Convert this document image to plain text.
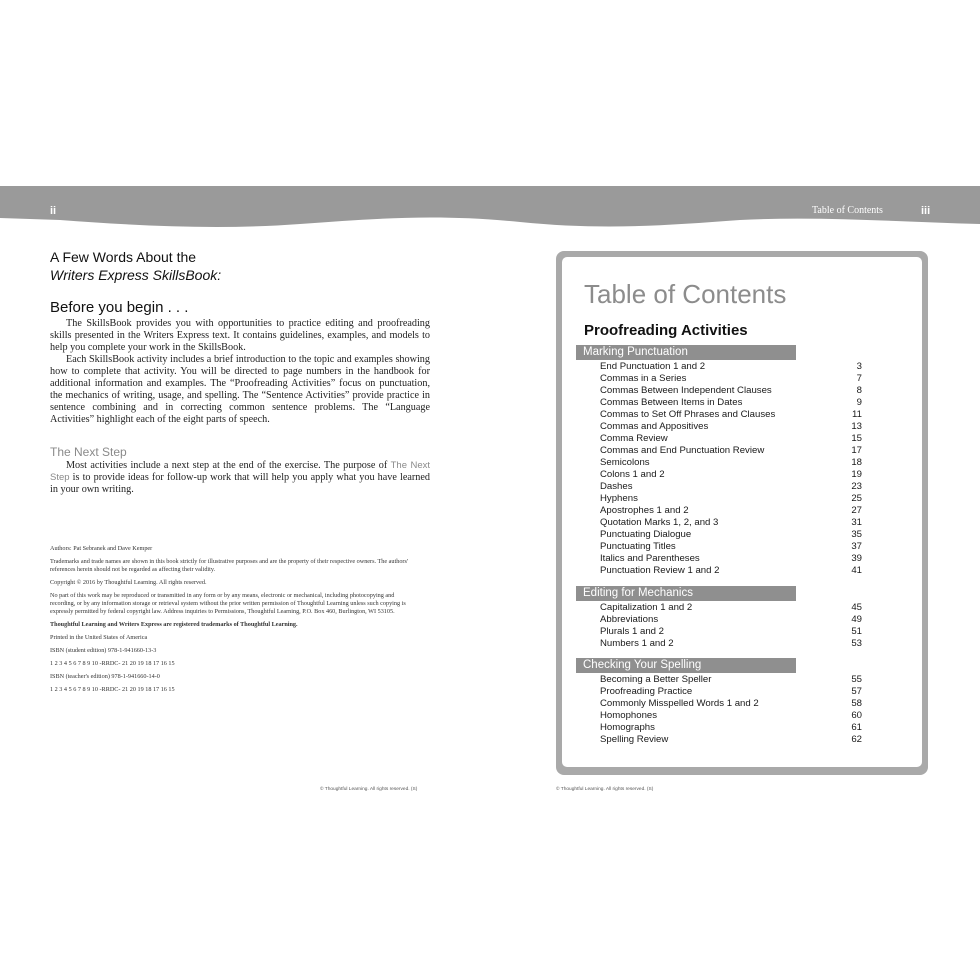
ii	Table of Contents	iii
A Few Words About the
Writers Express SkillsBook:
Before you begin . . .

The SkillsBook provides you with opportunities to practice editing and proofreading skills presented in the Writers Express text. It contains guidelines, examples, and models to help you complete your work in the SkillsBook.

Each SkillsBook activity includes a brief introduction to the topic and examples showing how to complete that activity. You will be directed to page numbers in the handbook for additional information and examples. The “Proofreading Activities” focus on punctuation, the mechanics of writing, usage, and spelling. The “Sentence Activities” provide practice in sentence combining and in correcting common sentence problems. The “Language Activities” highlight each of the eight parts of speech.

The Next Step

Most activities include a next step at the end of the exercise. The purpose of The Next Step is to provide ideas for follow-up work that will help you apply what you have learned in your own writing.

Authors: Pat Sebranek and Dave Kemper
Trademarks and trade names are shown in this book strictly for illustrative purposes and are the property of their respective owners. The authors' references herein should not be regarded as affecting their validity.
Copyright © 2016 by Thoughtful Learning. All rights reserved.
No part of this work may be reproduced or transmitted in any form or by any means, electronic or mechanical, including photocopying and recording, or by any information storage or retrieval system without the prior written permission of Thoughtful Learning unless such copying is expressly permitted by federal copyright law. Address inquiries to Permissions, Thoughtful Learning, P.O. Box 460, Burlington, WI 53105.
Thoughtful Learning and Writers Express are registered trademarks of Thoughtful Learning.
Printed in the United States of America
ISBN (student edition) 978-1-941660-13-3
1 2 3 4 5 6 7 8 9 10 -RRDC- 21 20 19 18 17 16 15
ISBN (teacher's edition) 978-1-941660-14-0
1 2 3 4 5 6 7 8 9 10 -RRDC- 21 20 19 18 17 16 15
© Thoughtful Learning. All rights reserved. (S)
Table of Contents
Proofreading Activities
Marking Punctuation
End Punctuation 1 and 2	3
Commas in a Series	7
Commas Between Independent Clauses	8
Commas Between Items in Dates	9
Commas to Set Off Phrases and Clauses	11
Commas and Appositives	13
Comma Review	15
Commas and End Punctuation Review	17
Semicolons	18
Colons 1 and 2	19
Dashes	23
Hyphens	25
Apostrophes 1 and 2	27
Quotation Marks 1, 2, and 3	31
Punctuating Dialogue	35
Punctuating Titles	37
Italics and Parentheses	39
Punctuation Review 1 and 2	41
Editing for Mechanics
Capitalization 1 and 2	45
Abbreviations	49
Plurals 1 and 2	51
Numbers 1 and 2	53
Checking Your Spelling
Becoming a Better Speller	55
Proofreading Practice	57
Commonly Misspelled Words 1 and 2	58
Homophones	60
Homographs	61
Spelling Review	62
© Thoughtful Learning. All rights reserved. (S)
